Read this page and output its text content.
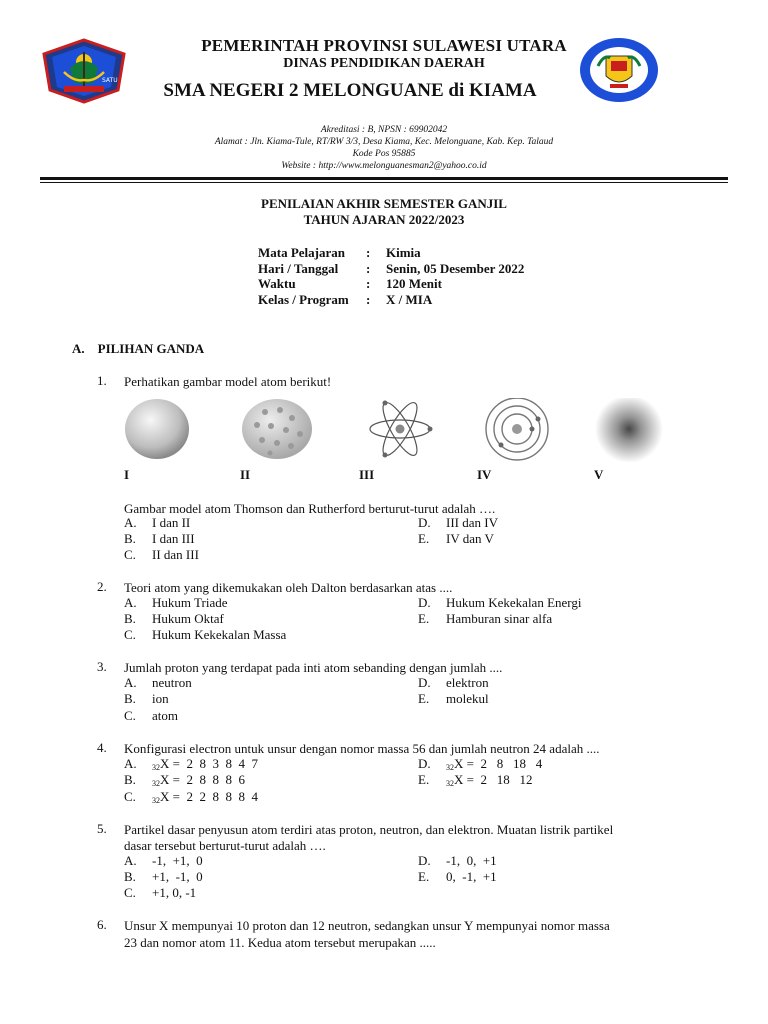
SATU
PEMERINTAH PROVINSI SULAWESI UTARA
DINAS PENDIDIKAN DAERAH
SMA NEGERI 2 MELONGUANE di KIAMA
Akreditasi : B, NPSN : 69902042
Alamat : Jln. Kiama-Tule, RT/RW 3/3, Desa Kiama, Kec. Melonguane, Kab. Kep. Talaud
Kode Pos 95885
Website : http://www.melonguanesman2@yahoo.co.id
PENILAIAN AKHIR SEMESTER GANJIL
TAHUN AJARAN 2022/2023
Mata Pelajaran : Kimia
Hari / Tanggal : Senin, 05 Desember 2022
Waktu	: 120 Menit
Kelas / Program : X / MIA
A. PILIHAN GANDA
1. Perhatikan gambar model atom berikut!
I	II	III	IV	V
Gambar model atom Thomson dan Rutherford berturut-turut adalah ….
A. I dan II
B. I dan III
C. II dan III
D. III dan IV
E. IV dan V
2. Teori atom yang dikemukakan oleh Dalton berdasarkan atas ....
A. Hukum Triade
B. Hukum Oktaf
C. Hukum Kekekalan Massa
D. Hukum Kekekalan Energi
E. Hamburan sinar alfa
3. Jumlah proton yang terdapat pada inti atom sebanding dengan jumlah ....
A. neutron
B. ion
C. atom
D. elektron
E. molekul
4. Konfigurasi electron untuk unsur dengan nomor massa 56 dan jumlah neutron 24 adalah ....
A. 32X =  2  8  3  8  4  7
B. 32X =  2  8  8  8  6
C. 32X =  2  2  8  8  8  4
D. 32X =  2   8   18   4
E. 32X =  2   18   12
5. Partikel dasar penyusun atom terdiri atas proton, neutron, dan elektron. Muatan listrik partikel
dasar tersebut berturut-turut adalah ….
A. -1,  +1,  0
B. +1,  -1,  0
C. +1, 0, -1
D. -1,  0,  +1
E. 0,  -1,  +1
6. Unsur X mempunyai 10 proton dan 12 neutron, sedangkan unsur Y mempunyai nomor massa
23 dan nomor atom 11. Kedua atom tersebut merupakan .....
